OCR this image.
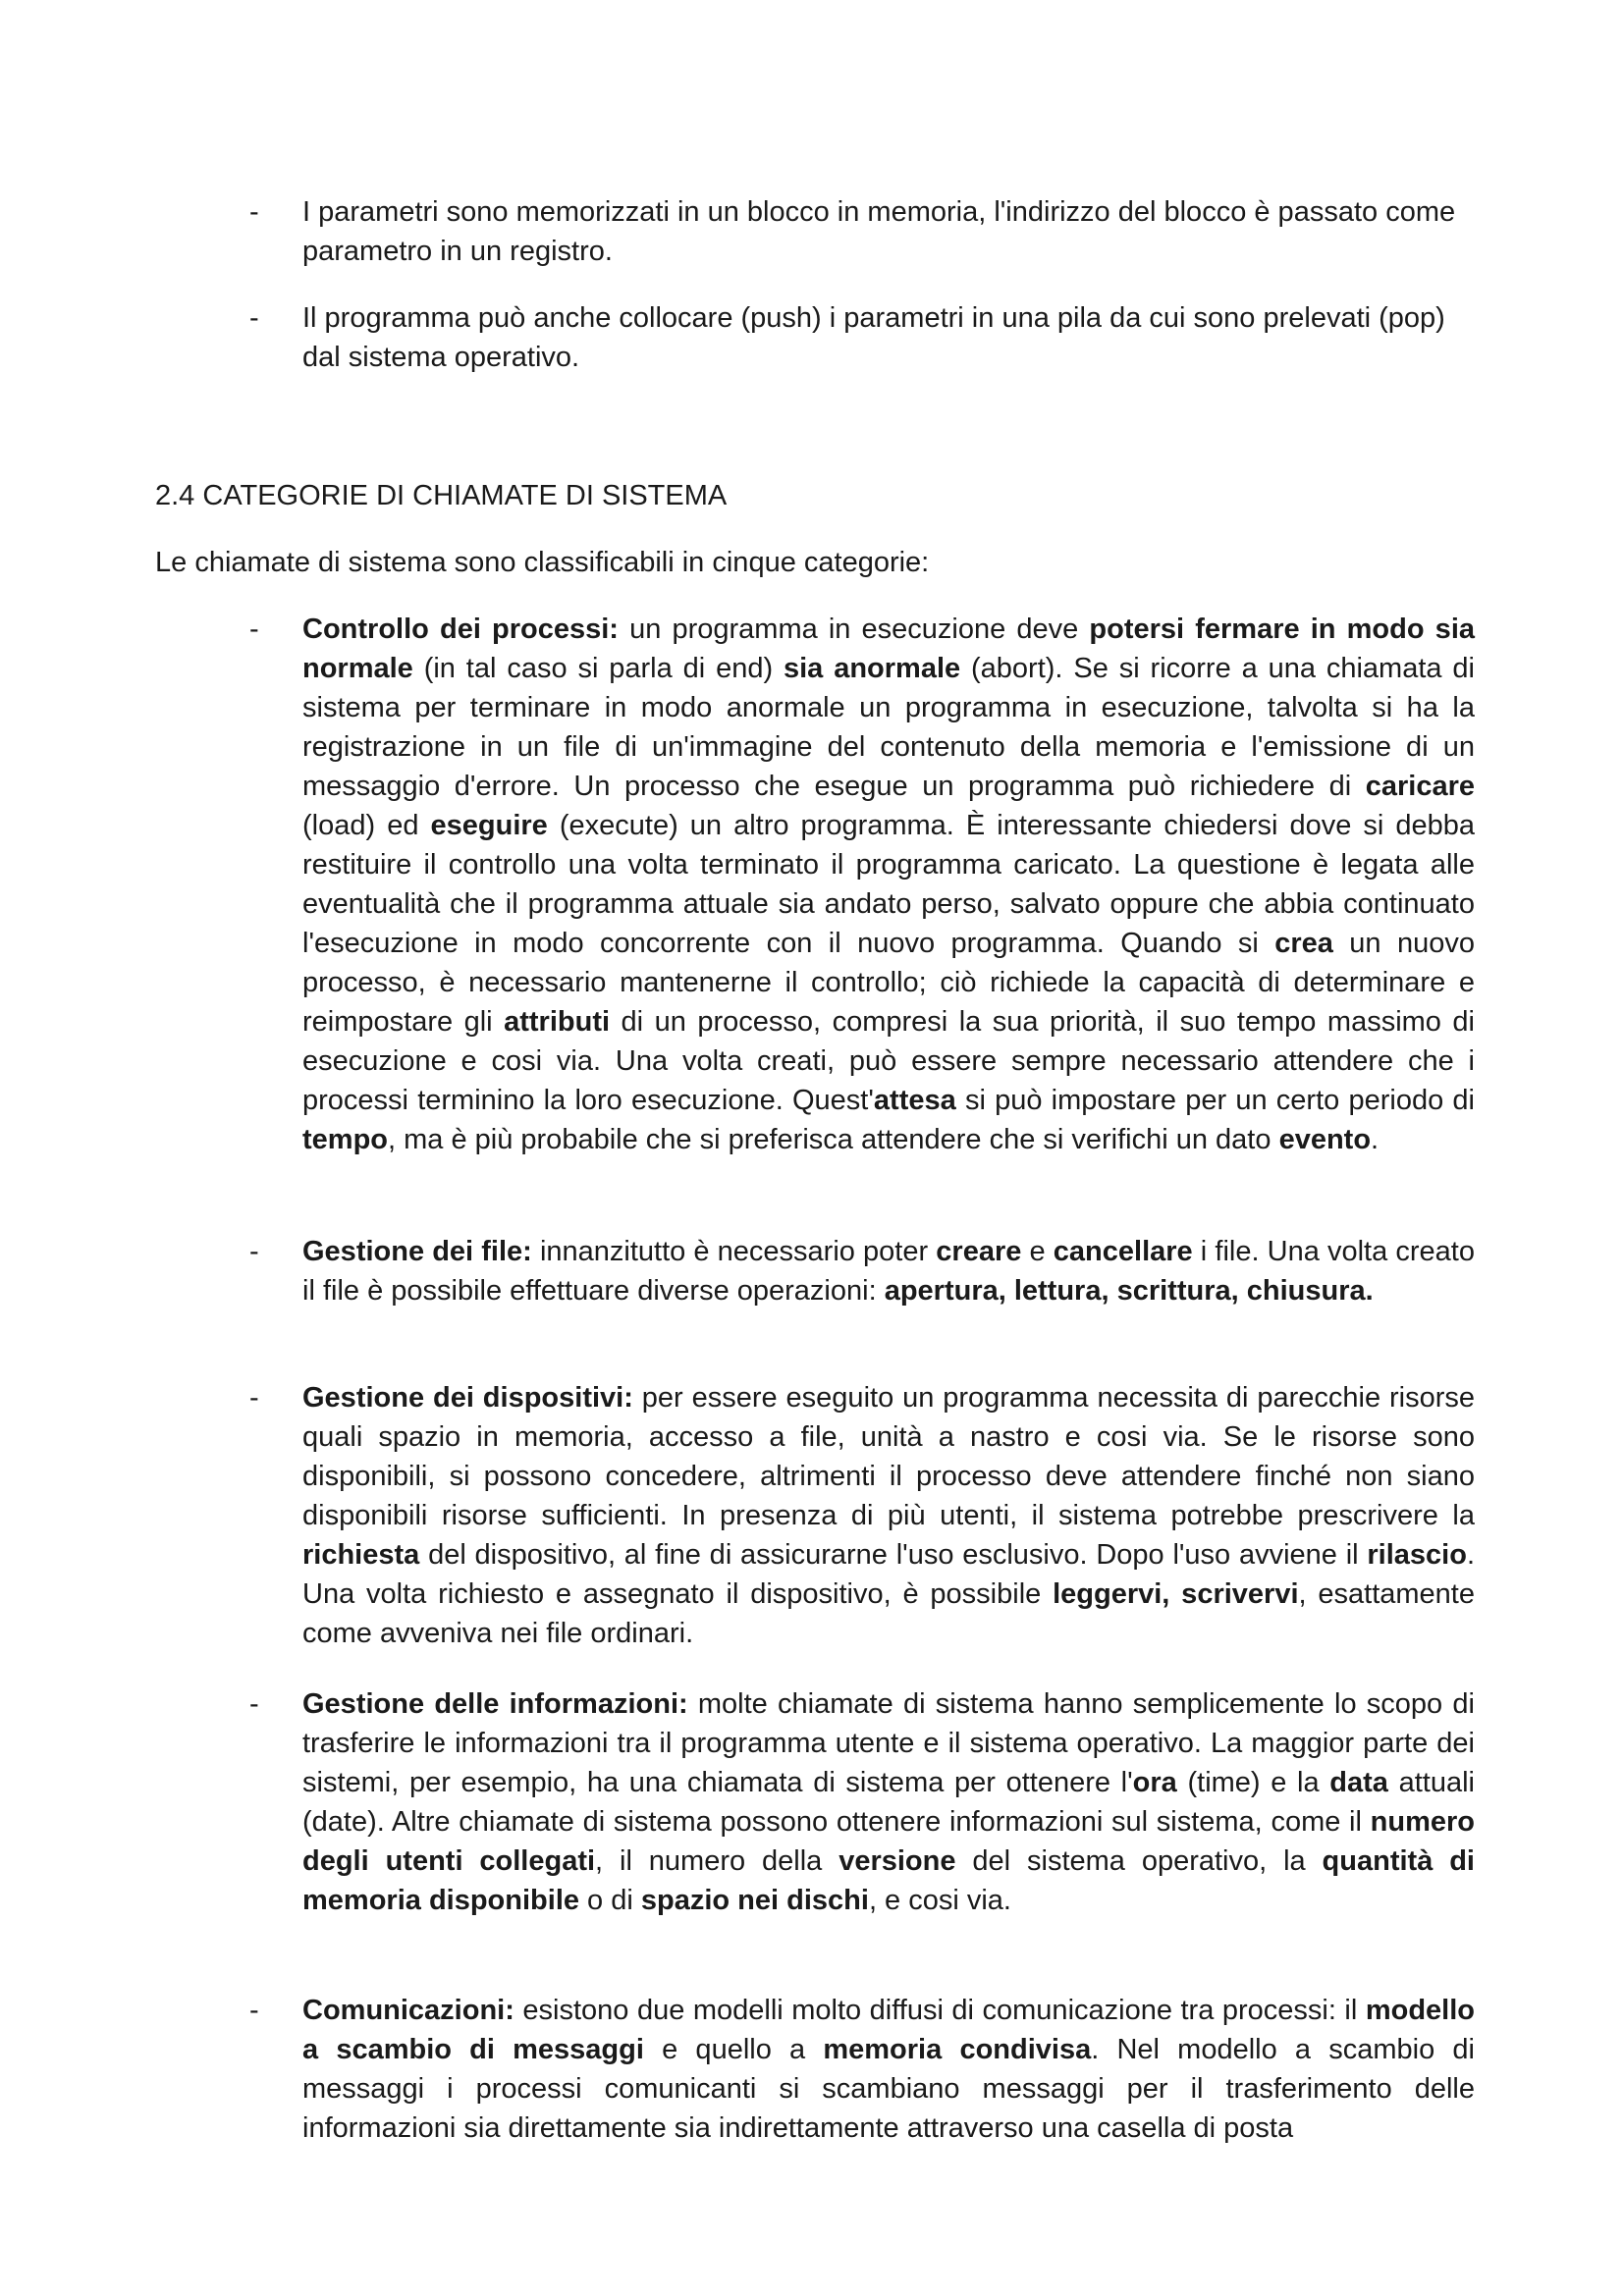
- I parametri sono memorizzati in un blocco in memoria, l'indirizzo del blocco è passato come parametro in un registro.
- Il programma può anche collocare (push) i parametri in una pila da cui sono prelevati (pop) dal sistema operativo.
2.4 CATEGORIE DI CHIAMATE DI SISTEMA
Le chiamate di sistema sono classificabili in cinque categorie:
- Controllo dei processi: un programma in esecuzione deve potersi fermare in modo sia normale (in tal caso si parla di end) sia anormale (abort). Se si ricorre a una chiamata di sistema per terminare in modo anormale un programma in esecuzione, talvolta si ha la registrazione in un file di un'immagine del contenuto della memoria e l'emissione di un messaggio d'errore. Un processo che esegue un programma può richiedere di caricare (load) ed eseguire (execute) un altro programma. È interessante chiedersi dove si debba restituire il controllo una volta terminato il programma caricato. La questione è legata alle eventualità che il programma attuale sia andato perso, salvato oppure che abbia continuato l'esecuzione in modo concorrente con il nuovo programma. Quando si crea un nuovo processo, è necessario mantenerne il controllo; ciò richiede la capacità di determinare e reimpostare gli attributi di un processo, compresi la sua priorità, il suo tempo massimo di esecuzione e cosi via. Una volta creati, può essere sempre necessario attendere che i processi terminino la loro esecuzione. Quest'attesa si può impostare per un certo periodo di tempo, ma è più probabile che si preferisca attendere che si verifichi un dato evento.
- Gestione dei file: innanzitutto è necessario poter creare e cancellare i file. Una volta creato il file è possibile effettuare diverse operazioni: apertura, lettura, scrittura, chiusura.
- Gestione dei dispositivi: per essere eseguito un programma necessita di parecchie risorse quali spazio in memoria, accesso a file, unità a nastro e cosi via. Se le risorse sono disponibili, si possono concedere, altrimenti il processo deve attendere finché non siano disponibili risorse sufficienti. In presenza di più utenti, il sistema potrebbe prescrivere la richiesta del dispositivo, al fine di assicurarne l'uso esclusivo. Dopo l'uso avviene il rilascio. Una volta richiesto e assegnato il dispositivo, è possibile leggervi, scrivervi, esattamente come avveniva nei file ordinari.
- Gestione delle informazioni: molte chiamate di sistema hanno semplicemente lo scopo di trasferire le informazioni tra il programma utente e il sistema operativo. La maggior parte dei sistemi, per esempio, ha una chiamata di sistema per ottenere l'ora (time) e la data attuali (date). Altre chiamate di sistema possono ottenere informazioni sul sistema, come il numero degli utenti collegati, il numero della versione del sistema operativo, la quantità di memoria disponibile o di spazio nei dischi, e cosi via.
- Comunicazioni: esistono due modelli molto diffusi di comunicazione tra processi: il modello a scambio di messaggi e quello a memoria condivisa. Nel modello a scambio di messaggi i processi comunicanti si scambiano messaggi per il trasferimento delle informazioni sia direttamente sia indirettamente attraverso una casella di posta
